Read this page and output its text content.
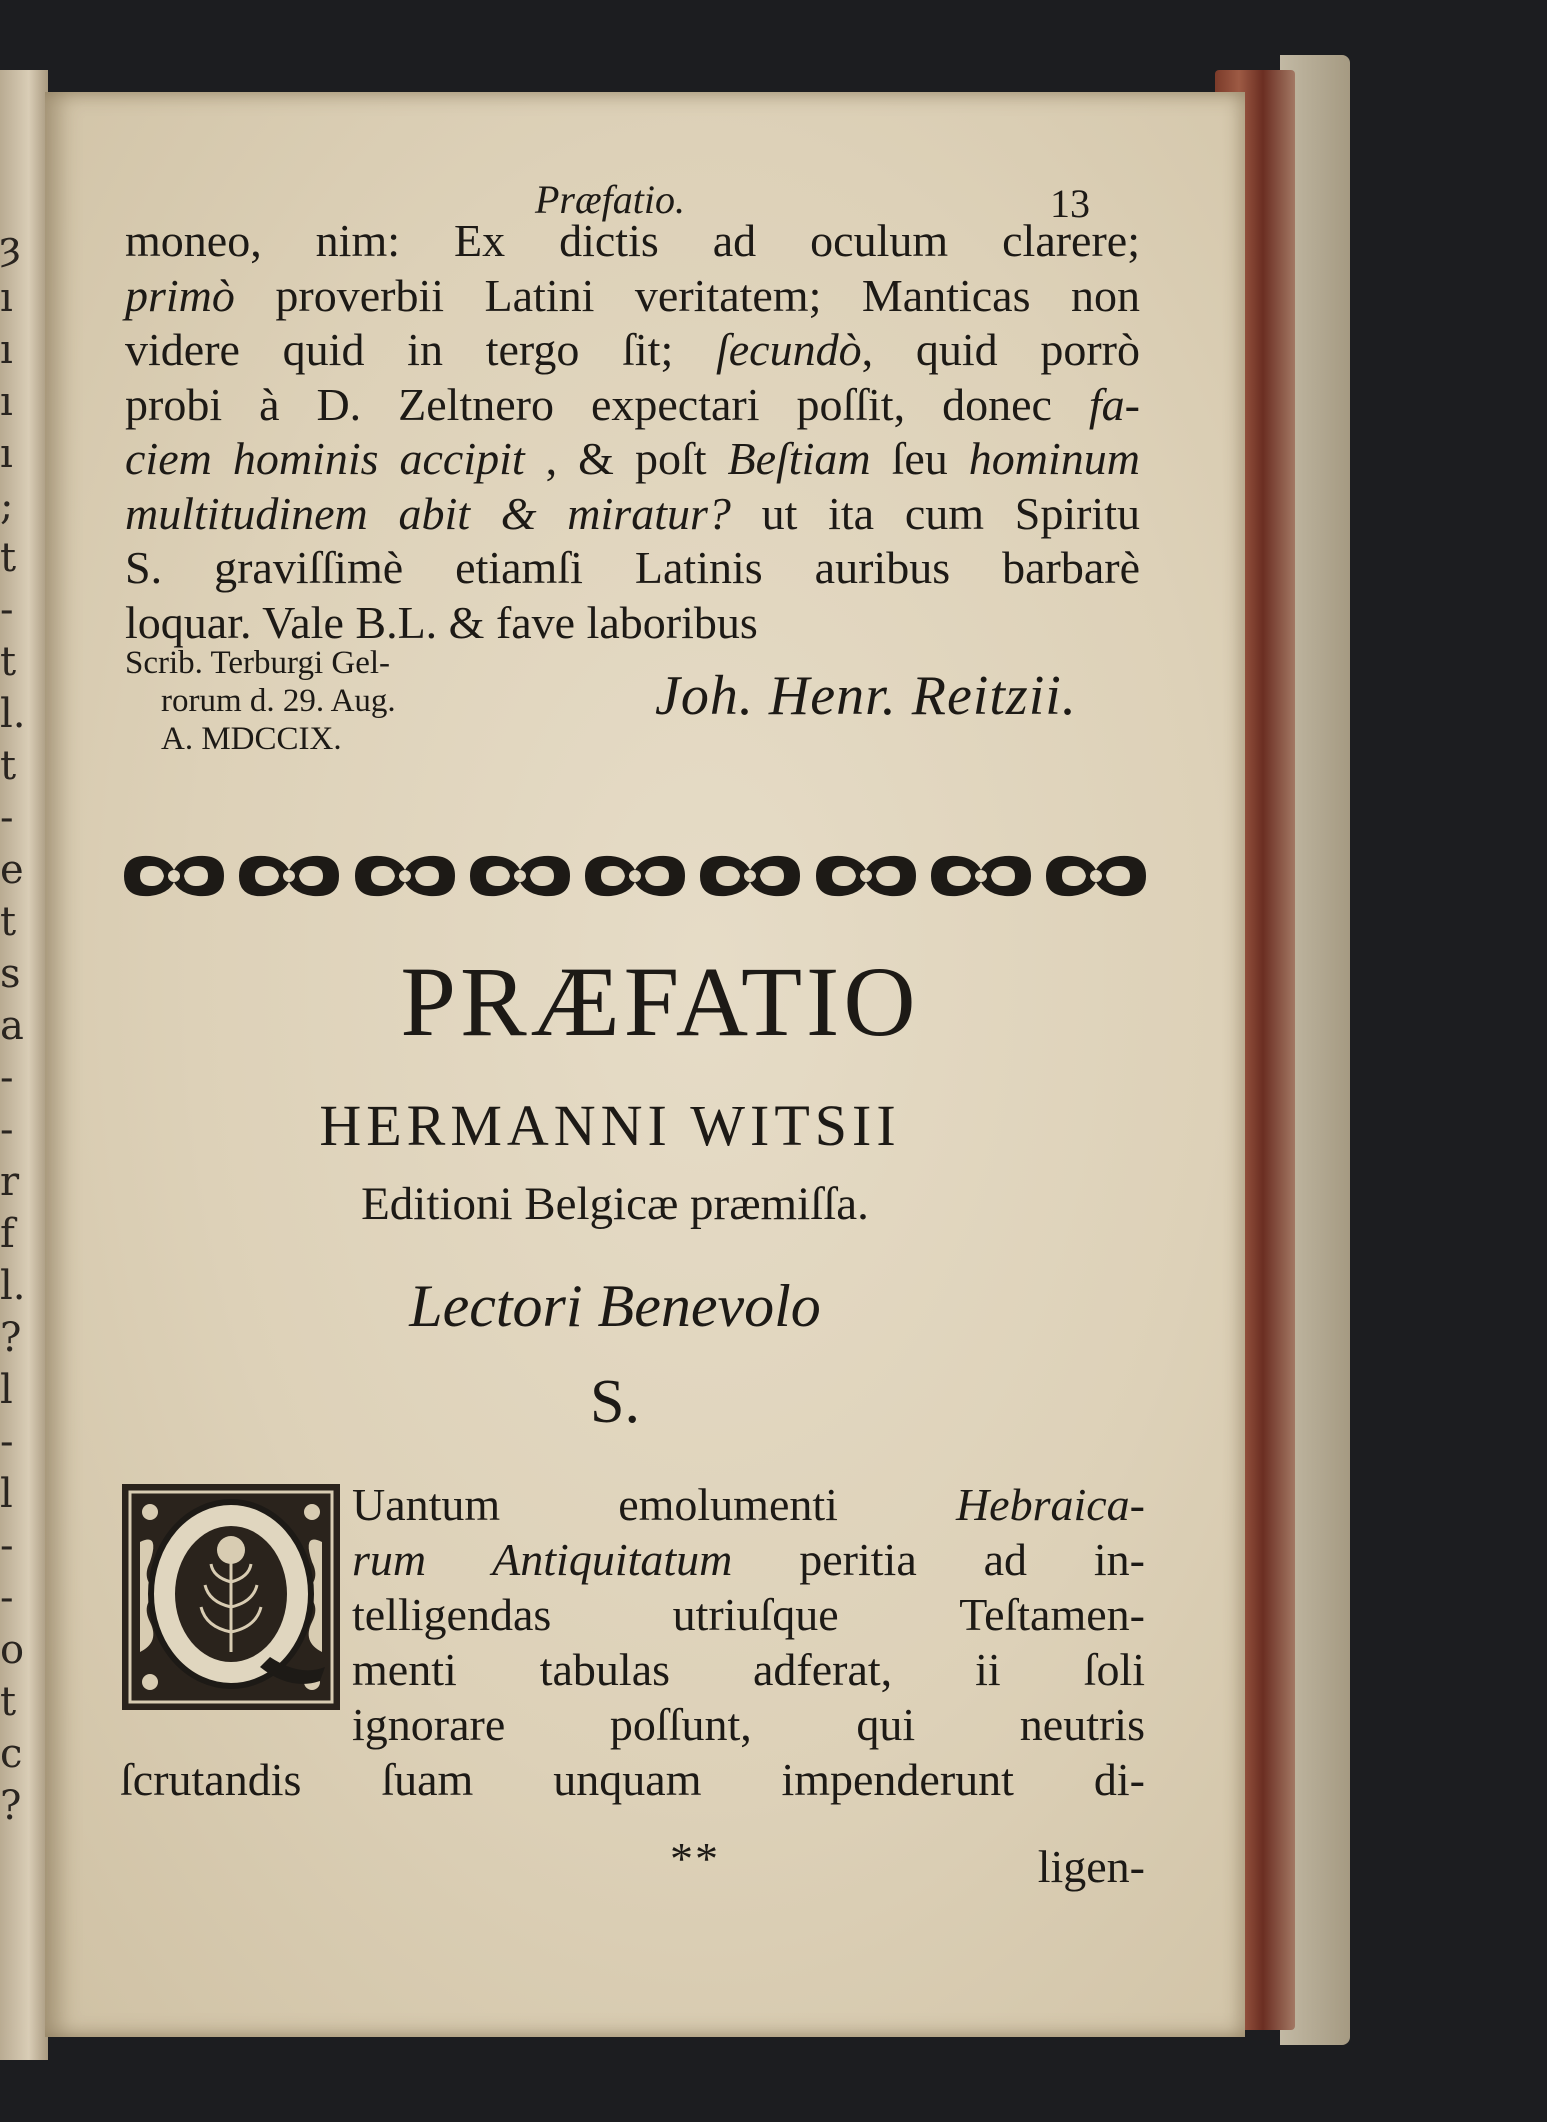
ȝ
ı
ı
ı
ı
;
t
-
t
l.
t
-
e
t
s
a
-
-
r
f
l.
?
l
-
l
-
-
o
t
c
?
Præfatio.	13
moneo, nim: Ex dictis ad oculum clarere;
primò proverbii Latini veritatem; Manticas non
videre quid in tergo ſit; ſecundò, quid porrò
probi à D. Zeltnero expectari poſſit, donec fa-
ciem hominis accipit , & poſt Beſtiam ſeu hominum
multitudinem abit & miratur? ut ita cum Spiritu
S. graviſſimè etiamſi Latinis auribus barbarè
loquar. Vale B.L. & fave laboribus
Scrib. Terburgi Gel-
rorum d. 29. Aug.
A. MDCCIX.
Joh. Henr. Reitzii.
PRÆFATIO
HERMANNI WITSII
Editioni Belgicæ præmiſſa.
Lectori Benevolo
S.
Uantum emolumenti Hebraica-
rum Antiquitatum peritia ad in-
telligendas utriuſque Teſtamen-
menti tabulas adferat, ii ſoli
ignorare poſſunt, qui neutris
ſcrutandis ſuam unquam impenderunt di-
**	ligen-
